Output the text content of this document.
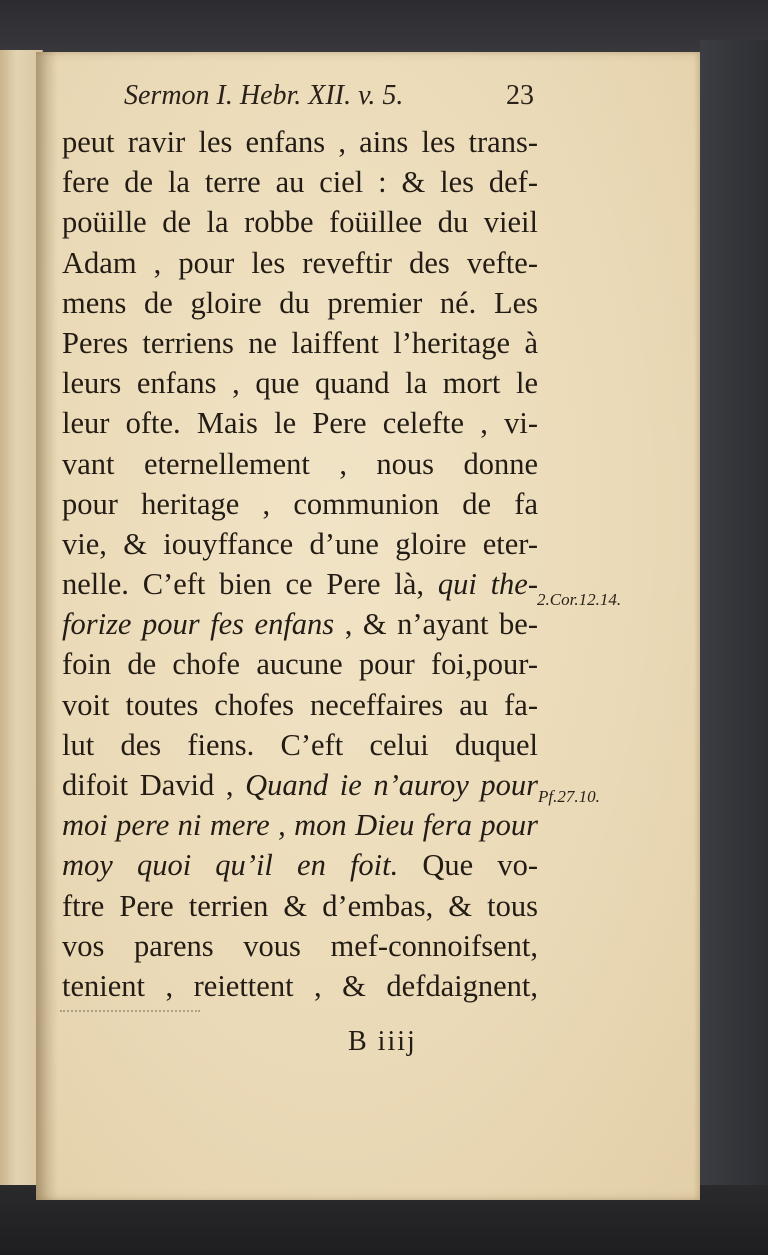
Sermon I. Hebr. XII. v. 5.	23
peut ravir les enfans , ains les trans-
fere de la terre au ciel : & les def-
poüille de la robbe foüillee du vieil
Adam , pour les reveftir des vefte-
mens de gloire du premier né. Les
Peres terriens ne laiffent l’heritage à
leurs enfans , que quand la mort le
leur ofte. Mais le Pere celefte , vi-
vant eternellement , nous donne
pour heritage , communion de fa
vie, & iouyffance d’une gloire eter-
nelle. C’eft bien ce Pere là, qui the-
forize pour fes enfans , & n’ayant be-
foin de chofe aucune pour foi,pour-
voit toutes chofes neceffaires au fa-
lut des fiens. C’eft celui duquel
difoit David , Quand ie n’auroy pour
moi pere ni mere , mon Dieu fera pour
moy quoi qu’il en foit. Que vo-
ftre Pere terrien & d’embas, & tous
vos parens vous mef-connoifsent,
tenient , reiettent , & defdaignent,
2.Cor.12.14.
Pf.27.10.
B iiij
